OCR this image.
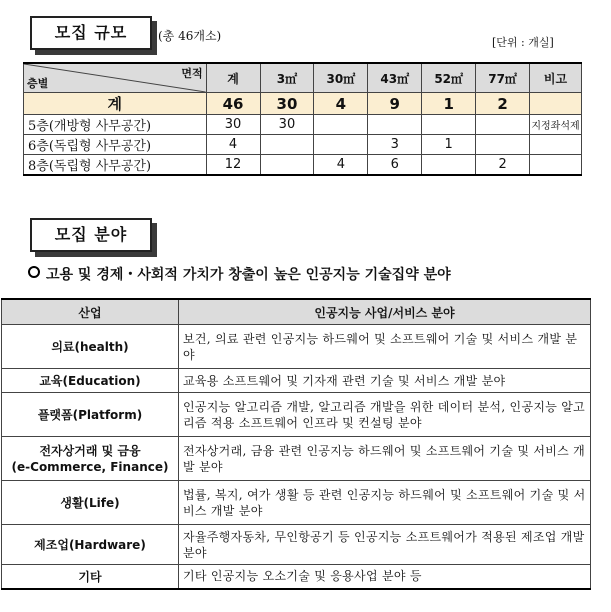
모집 규모	(총 46개소)	[단위 : 개실]
면적
층별	계	3㎡	30㎡	43㎡	52㎡	77㎡	비고
계	46	30	4	9	1	2	
5층(개방형 사무공간)	30	30					지정좌석제
6층(독립형 사무공간)	4			3	1		
8층(독립형 사무공간)	12		4	6		2	
모집 분야
고용 및 경제・사회적 가치가 창출이 높은 인공지능 기술집약 분야
산업	인공지능 사업/서비스 분야
의료(health)	보건, 의료 관련 인공지능 하드웨어 및 소프트웨어 기술 및 서비스 개발 분야
교육(Education)	교육용 소프트웨어 및 기자재 관련 기술 및 서비스 개발 분야
플랫폼(Platform)	인공지능 알고리즘 개발, 알고리즘 개발을 위한 데이터 분석, 인공지능 알고리즘 적용 소프트웨어 인프라 및 컨설팅 분야
전자상거래 및 금융
(e-Commerce, Finance)	전자상거래, 금융 관련 인공지능 하드웨어 및 소프트웨어 기술 및 서비스 개발 분야
생활(Life)	법률, 복지, 여가 생활 등 관련 인공지능 하드웨어 및 소프트웨어 기술 및 서비스 개발 분야
제조업(Hardware)	자율주행자동차, 무인항공기 등 인공지능 소프트웨어가 적용된 제조업 개발 분야
기타	기타 인공지능 오소기술 및 응용사업 분야 등
